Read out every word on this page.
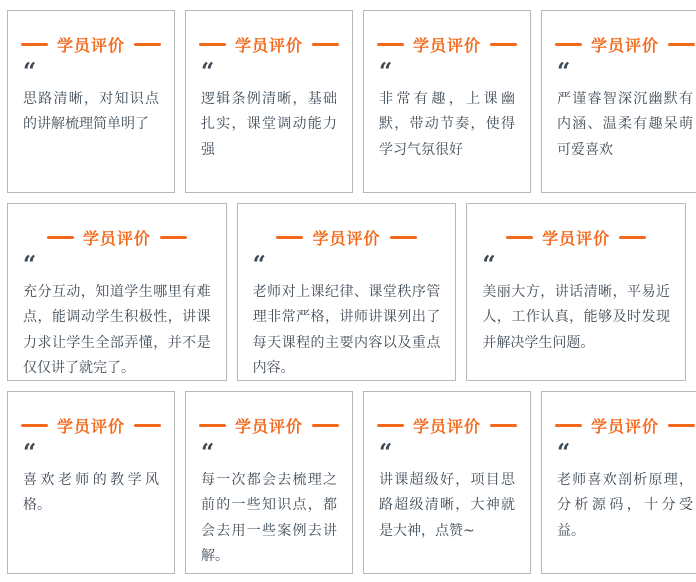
学员评价
“

思路清晰，对知识点的讲解梳理简单明了

学员评价
“

逻辑条例清晰，基础扎实，课堂调动能力强

学员评价
“

非常有趣，上课幽默，带动节奏，使得学习气氛很好

学员评价
“

严谨睿智深沉幽默有内涵、温柔有趣呆萌可爱喜欢

学员评价
“

充分互动，知道学生哪里有难点，能调动学生积极性，讲课力求让学生全部弄懂，并不是仅仅讲了就完了。

学员评价
“

老师对上课纪律、课堂秩序管理非常严格，讲师讲课列出了每天课程的主要内容以及重点内容。

学员评价
“

美丽大方，讲话清晰，平易近人，工作认真，能够及时发现并解决学生问题。

学员评价
“

喜欢老师的教学风格。

学员评价
“

每一次都会去梳理之前的一些知识点，都会去用一些案例去讲解。

学员评价
“

讲课超级好，项目思路超级清晰，大神就是大神，点赞~

学员评价
“

老师喜欢剖析原理，分析源码，十分受益。
